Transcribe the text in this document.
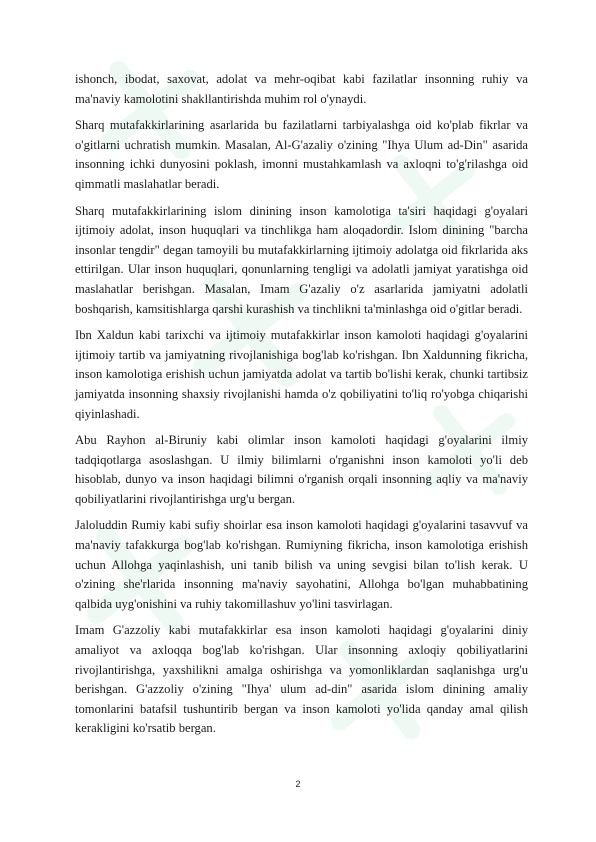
ishonch, ibodat, saxovat, adolat va mehr-oqibat kabi fazilatlar insonning ruhiy va ma'naviy kamolotini shakllantirishda muhim rol o'ynaydi.

Sharq mutafakkirlarining asarlarida bu fazilatlarni tarbiyalashga oid ko'plab fikrlar va o'gitlarni uchratish mumkin. Masalan, Al-G'azaliy o'zining "Ihya Ulum ad-Din" asarida insonning ichki dunyosini poklash, imonni mustahkamlash va axloqni to'g'rilashga oid qimmatli maslahatlar beradi.

Sharq mutafakkirlarining islom dinining inson kamolotiga ta'siri haqidagi g'oyalari ijtimoiy adolat, inson huquqlari va tinchlikga ham aloqadordir. Islom dinining "barcha insonlar tengdir" degan tamoyili bu mutafakkirlarning ijtimoiy adolatga oid fikrlarida aks ettirilgan. Ular inson huquqlari, qonunlarning tengligi va adolatli jamiyat yaratishga oid maslahatlar berishgan. Masalan, Imam G'azaliy o'z asarlarida jamiyatni adolatli boshqarish, kamsitishlarga qarshi kurashish va tinchlikni ta'minlashga oid o'gitlar beradi.

Ibn Xaldun kabi tarixchi va ijtimoiy mutafakkirlar inson kamoloti haqidagi g'oyalarini ijtimoiy tartib va jamiyatning rivojlanishiga bog'lab ko'rishgan. Ibn Xaldunning fikricha, inson kamolotiga erishish uchun jamiyatda adolat va tartib bo'lishi kerak, chunki tartibsiz jamiyatda insonning shaxsiy rivojlanishi hamda o'z qobiliyatini to'liq ro'yobga chiqarishi qiyinlashadi.

Abu Rayhon al-Biruniy kabi olimlar inson kamoloti haqidagi g'oyalarini ilmiy tadqiqotlarga asoslashgan. U ilmiy bilimlarni o'rganishni inson kamoloti yo'li deb hisoblab, dunyo va inson haqidagi bilimni o'rganish orqali insonning aqliy va ma'naviy qobiliyatlarini rivojlantirishga urg'u bergan.

Jaloluddin Rumiy kabi sufiy shoirlar esa inson kamoloti haqidagi g'oyalarini tasavvuf va ma'naviy tafakkurga bog'lab ko'rishgan. Rumiyning fikricha, inson kamolotiga erishish uchun Allohga yaqinlashish, uni tanib bilish va uning sevgisi bilan to'lish kerak. U o'zining she'rlarida insonning ma'naviy sayohatini, Allohga bo'lgan muhabbatining qalbida uyg'onishini va ruhiy takomillashuv yo'lini tasvirlagan.

Imam G'azzoliy kabi mutafakkirlar esa inson kamoloti haqidagi g'oyalarini diniy amaliyot va axloqqa bog'lab ko'rishgan. Ular insonning axloqiy qobiliyatlarini rivojlantirishga, yaxshilikni amalga oshirishga va yomonliklardan saqlanishga urg'u berishgan. G'azzoliy o'zining "Ihya' ulum ad-din" asarida islom dinining amaliy tomonlarini batafsil tushuntirib bergan va inson kamoloti yo'lida qanday amal qilish kerakligini ko'rsatib bergan.

2
